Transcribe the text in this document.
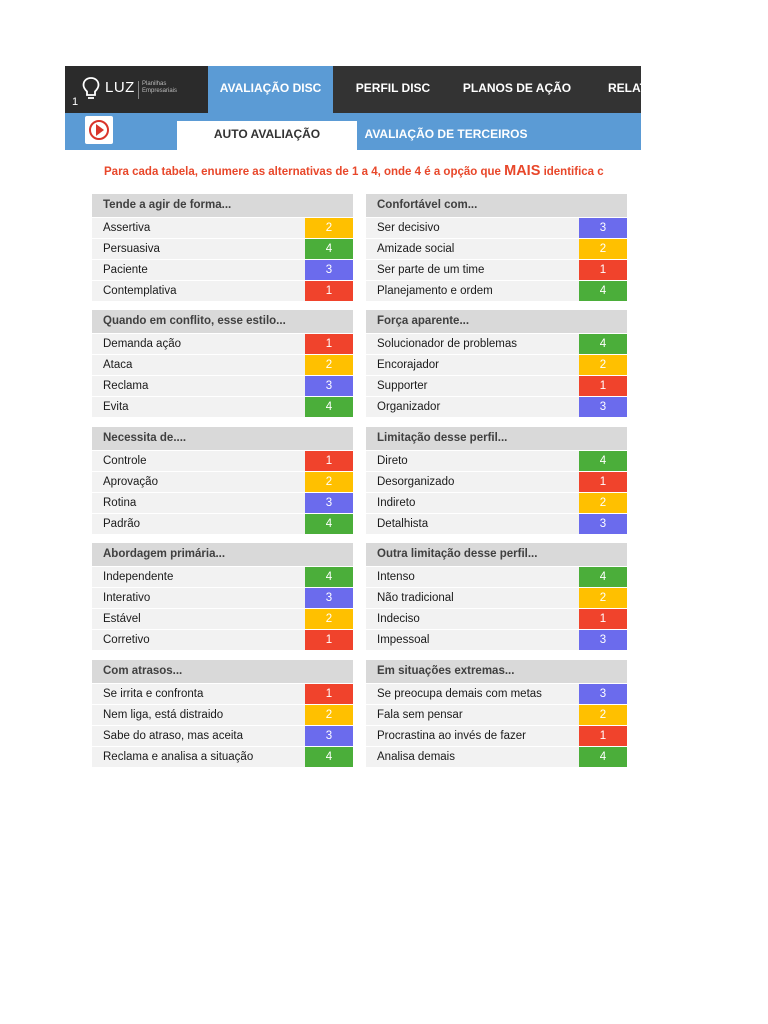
LUZ Planilhas Empresariais
1
AVALIAÇÃO DISC	PERFIL DISC	PLANOS DE AÇÃO	RELAT
AUTO AVALIAÇÃO	AVALIAÇÃO DE TERCEIROS
Para cada tabela, enumere as alternativas de 1 a 4, onde 4 é a opção que MAIS identifica c
Tende a agir de forma...
Assertiva	2
Persuasiva	4
Paciente	3
Contemplativa	1
Confortável com...
Ser decisivo	3
Amizade social	2
Ser parte de um time	1
Planejamento e ordem	4
Quando em conflito, esse estilo...
Demanda ação	1
Ataca	2
Reclama	3
Evita	4
Força aparente...
Solucionador de problemas	4
Encorajador	2
Supporter	1
Organizador	3
Necessita de....
Controle	1
Aprovação	2
Rotina	3
Padrão	4
Limitação desse perfil...
Direto	4
Desorganizado	1
Indireto	2
Detalhista	3
Abordagem primária...
Independente	4
Interativo	3
Estável	2
Corretivo	1
Outra limitação desse perfil...
Intenso	4
Não tradicional	2
Indeciso	1
Impessoal	3
Com atrasos...
Se irrita e confronta	1
Nem liga, está distraido	2
Sabe do atraso, mas aceita	3
Reclama e analisa a situação	4
Em situações extremas...
Se preocupa demais com metas	3
Fala sem pensar	2
Procrastina ao invés de fazer	1
Analisa demais	4
